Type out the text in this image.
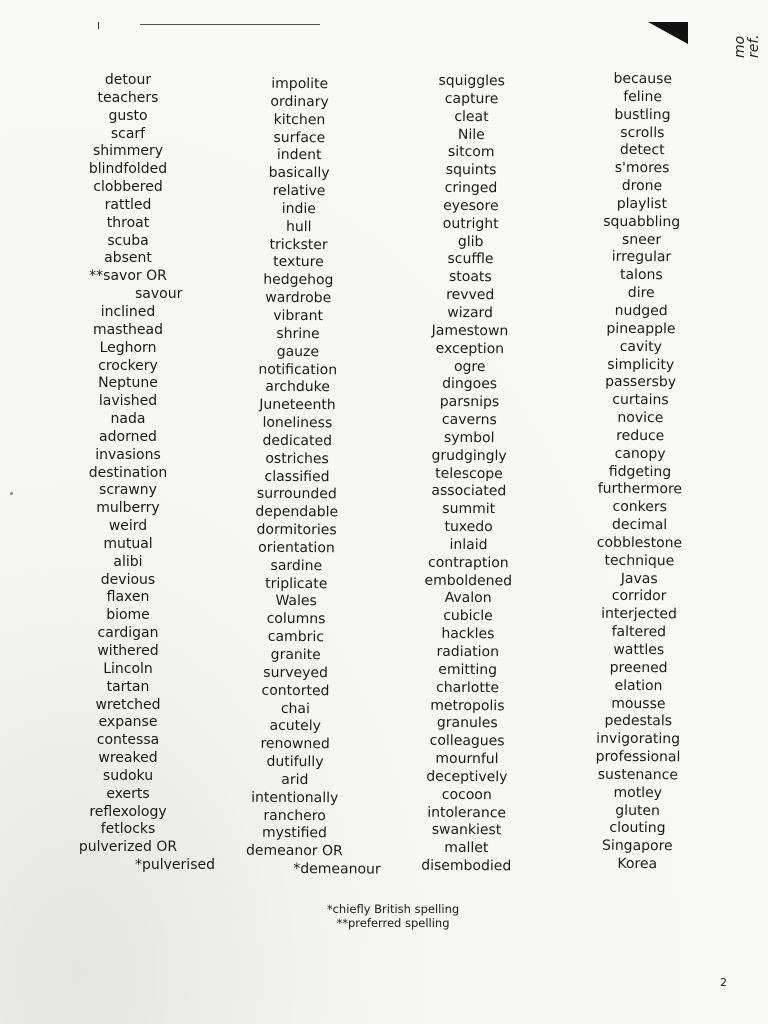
mo
ref.
detour
teachers
gusto
scarf
shimmery
blindfolded
clobbered
rattled
throat
scuba
absent
**savor OR
savour
inclined
masthead
Leghorn
crockery
Neptune
lavished
nada
adorned
invasions
destination
scrawny
mulberry
weird
mutual
alibi
devious
flaxen
biome
cardigan
withered
Lincoln
tartan
wretched
expanse
contessa
wreaked
sudoku
exerts
reflexology
fetlocks
pulverized OR
*pulverised
impolite
ordinary
kitchen
surface
indent
basically
relative
indie
hull
trickster
texture
hedgehog
wardrobe
vibrant
shrine
gauze
notification
archduke
Juneteenth
loneliness
dedicated
ostriches
classified
surrounded
dependable
dormitories
orientation
sardine
triplicate
Wales
columns
cambric
granite
surveyed
contorted
chai
acutely
renowned
dutifully
arid
intentionally
ranchero
mystified
demeanor OR
*demeanour
squiggles
capture
cleat
Nile
sitcom
squints
cringed
eyesore
outright
glib
scuffle
stoats
revved
wizard
Jamestown
exception
ogre
dingoes
parsnips
caverns
symbol
grudgingly
telescope
associated
summit
tuxedo
inlaid
contraption
emboldened
Avalon
cubicle
hackles
radiation
emitting
charlotte
metropolis
granules
colleagues
mournful
deceptively
cocoon
intolerance
swankiest
mallet
disembodied
because
feline
bustling
scrolls
detect
s'mores
drone
playlist
squabbling
sneer
irregular
talons
dire
nudged
pineapple
cavity
simplicity
passersby
curtains
novice
reduce
canopy
fidgeting
furthermore
conkers
decimal
cobblestone
technique
Javas
corridor
interjected
faltered
wattles
preened
elation
mousse
pedestals
invigorating
professional
sustenance
motley
gluten
clouting
Singapore
Korea
*chiefly British spelling
**preferred spelling
2
